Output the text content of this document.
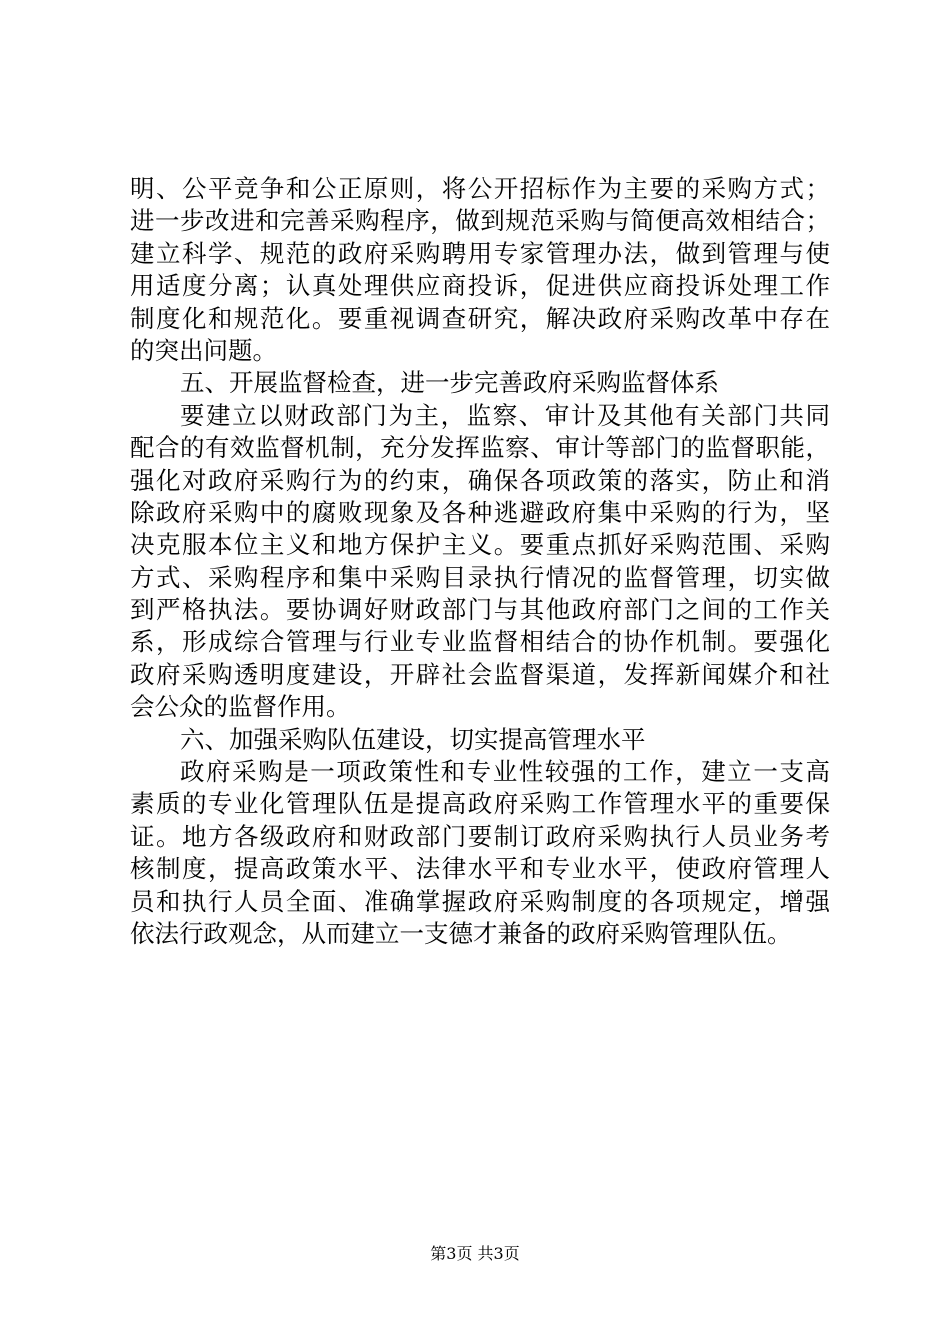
明、公平竞争和公正原则，将公开招标作为主要的采购方式；
进一步改进和完善采购程序，做到规范采购与简便高效相结合；
建立科学、规范的政府采购聘用专家管理办法，做到管理与使
用适度分离；认真处理供应商投诉，促进供应商投诉处理工作
制度化和规范化。要重视调查研究，解决政府采购改革中存在
的突出问题。
五、开展监督检查，进一步完善政府采购监督体系
要建立以财政部门为主，监察、审计及其他有关部门共同
配合的有效监督机制，充分发挥监察、审计等部门的监督职能，
强化对政府采购行为的约束，确保各项政策的落实，防止和消
除政府采购中的腐败现象及各种逃避政府集中采购的行为，坚
决克服本位主义和地方保护主义。要重点抓好采购范围、采购
方式、采购程序和集中采购目录执行情况的监督管理，切实做
到严格执法。要协调好财政部门与其他政府部门之间的工作关
系，形成综合管理与行业专业监督相结合的协作机制。要强化
政府采购透明度建设，开辟社会监督渠道，发挥新闻媒介和社
会公众的监督作用。
六、加强采购队伍建设，切实提高管理水平
政府采购是一项政策性和专业性较强的工作，建立一支高
素质的专业化管理队伍是提高政府采购工作管理水平的重要保
证。地方各级政府和财政部门要制订政府采购执行人员业务考
核制度，提高政策水平、法律水平和专业水平，使政府管理人
员和执行人员全面、准确掌握政府采购制度的各项规定，增强
依法行政观念，从而建立一支德才兼备的政府采购管理队伍。
第3页 共3页
